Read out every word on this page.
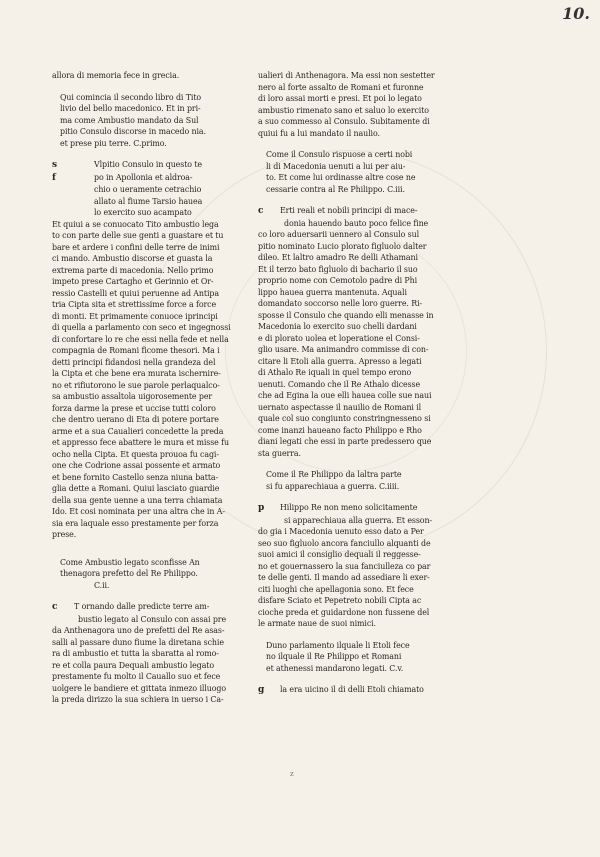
10.
allora di memoria fece in grecia.
Qui comincia il secondo libro di Tito
livio del bello macedonico. Et in pri-
ma come Ambustio mandato da Sul
pitio Consulo discorse in macedo nia.
et prese piu terre. C.primo.
s	Vlpitio Consulo in questo te
f	po in Apollonia et aldroa-
chio o ueramente cetrachio
allato al fiume Tarsio hauea
lo exercito suo acampato
Et quiui a se conuocato Tito ambustio lega
to con parte delle sue genti a guastare et tu
bare et ardere i confini delle terre de inimi
ci mando. Ambustio discorse et guasta la
extrema parte di macedonia. Nello primo
impeto prese Cartagho et Gerinnio et Or-
ressio Castelli et quiui peruenne ad Antipa
tria Cipta sita et strettissime force a force
di monti. Et primamente conuoce iprincipi
di quella a parlamento con seco et ingegnossi
di confortare lo re che essi nella fede et nella
compagnia de Romani ficome thesori. Ma i
detti principi fidandosi nella grandeza del
la Cipta et che bene era murata ischernire-
no et rifiutorono le sue parole perlaqualco-
sa ambustio assaltola uigorosemente per
forza darme la prese et uccise tutti coloro
che dentro uerano di Eta di potere portare
arme et a sua Caualieri concedette la preda
et appresso fece abattere le mura et misse fu
ocho nella Cipta. Et questa prouoa fu cagi-
one che Codrione assai possente et armato
et bene fornito Castello senza niuna batta-
glia dette a Romani. Quiui lasciato guardie
della sua gente uenne a una terra chiamata
Ido. Et cosi nominata per una altra che in A-
sia era laquale esso prestamente per forza
prese.
Come Ambustio legato sconfisse An
thenagora prefetto del Re Philippo.
C.ii.
c T ornando dalle predicte terre am-
bustio legato al Consulo con assai pre
da Anthenagora uno de prefetti del Re asas-
salli al passare duno fiume la diretana schie
ra di ambustio et tutta la sbaratta al romo-
re et colla paura Dequali ambustio legato
prestamente fu molto il Cauallo suo et fece
uolgere le bandiere et gittata inmezo illuogo
la preda dirizzo la sua schiera in uerso i Ca-
ualieri di Anthenagora. Ma essi non sestetter
nero al forte assalto de Romani et furonne
di loro assai morti e presi. Et poi lo legato
ambustio rimenato sano et saluo lo exercito
a suo commesso al Consulo. Subitamente di
quiui fu a lui mandato il naulio.
Come il Consulo rispuose a certi nobi
li di Macedonia uenuti a lui per aiu-
to. Et come lui ordinasse altre cose ne
cessarie contra al Re Philippo. C.iii.
c Erti reali et nobili principi di mace-
donia hauendo bauto poco felice fine
co loro aduersarii uennero al Consulo sul
pitio nominato Lucio plorato figluolo dalter
dileo. Et laltro amadro Re delli Athamani
Et il terzo bato figluolo di bachario il suo
proprio nome con Cemotolo padre di Phi
lippo hauea guerra mantenuta. Aquali
domandato soccorso nelle loro guerre. Ri-
sposse il Consulo che quando elli menasse in
Macedonia lo exercito suo chelli dardani
e di plorato uolea et loperatione el Consi-
glio usare. Ma animandro commisse di con-
citare li Etoli alla guerra. Apresso a legati
di Athalo Re iquali in quel tempo erono
uenuti. Comando che il Re Athalo dicesse
che ad Egina la oue elli hauea colle sue naui
uernato aspectasse il nauilio de Romani il
quale col suo congiunto constringnesseno si
come inanzi haueano facto Philippo e Rho
diani legati che essi in parte predessero que
sta guerra.
Come il Re Philippo da laltra parte
si fu apparechiaua a guerra. C.iiii.
p Hilippo Re non meno solicitamente
si apparechiaua alla guerra. Et esson-
do gia i Macedonia uenuto esso dato a Per
seo suo figluolo ancora fanciullo alquanti de
suoi amici il consiglio dequali il reggesse-
no et gouernassero la sua fanciulleza co par
te delle genti. Il mando ad assediare li exer-
citi luoghi che apellagonia sono. Et fece
disfare Sciato et Pepetreto nobili Cipta ac
cioche preda et guidardone non fussene del
le armate naue de suoi nimici.
Duno parlamento ilquale li Etoli fece
no ilquale il Re Philippo et Romani
et athenessi mandarono legati. C.v.
g la era uicino il di delli Etoli chiamato
z
